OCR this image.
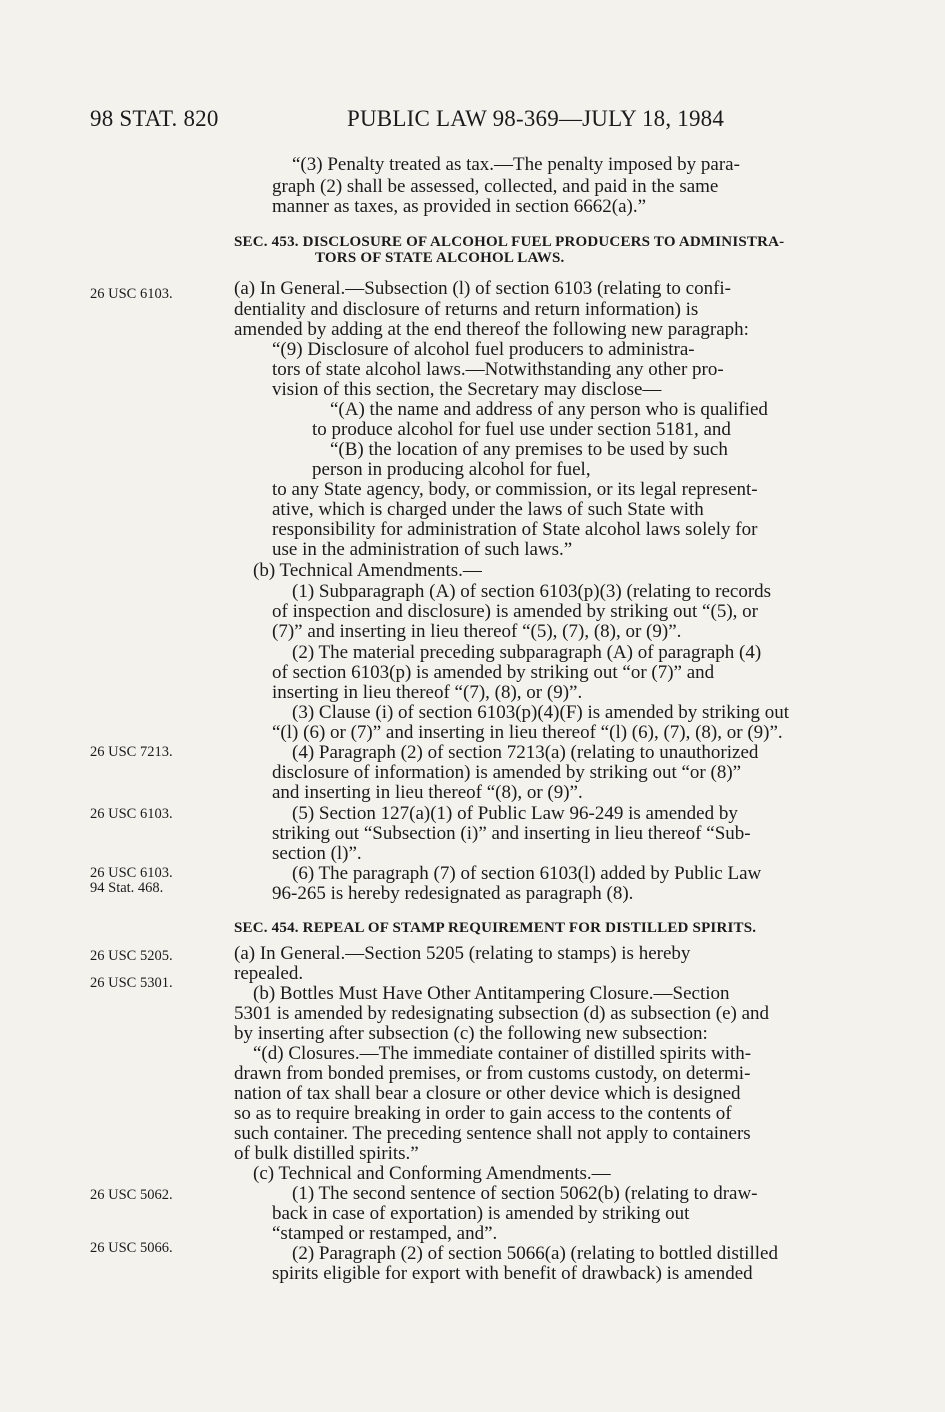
98 STAT. 820	PUBLIC LAW 98-369—JULY 18, 1984
26 USC 6103.
26 USC 7213.
26 USC 6103.
26 USC 6103.
94 Stat. 468.
26 USC 5205.
26 USC 5301.
26 USC 5062.
26 USC 5066.
“(3) Penalty treated as tax.—The penalty imposed by para-
graph (2) shall be assessed, collected, and paid in the same
manner as taxes, as provided in section 6662(a).”
SEC. 453. DISCLOSURE OF ALCOHOL FUEL PRODUCERS TO ADMINISTRA-
TORS OF STATE ALCOHOL LAWS.
(a) In General.—Subsection (l) of section 6103 (relating to confi-
dentiality and disclosure of returns and return information) is
amended by adding at the end thereof the following new paragraph:
“(9) Disclosure of alcohol fuel producers to administra-
tors of state alcohol laws.—Notwithstanding any other pro-
vision of this section, the Secretary may disclose—
“(A) the name and address of any person who is qualified
to produce alcohol for fuel use under section 5181, and
“(B) the location of any premises to be used by such
person in producing alcohol for fuel,
to any State agency, body, or commission, or its legal represent-
ative, which is charged under the laws of such State with
responsibility for administration of State alcohol laws solely for
use in the administration of such laws.”
(b) Technical Amendments.—
(1) Subparagraph (A) of section 6103(p)(3) (relating to records
of inspection and disclosure) is amended by striking out “(5), or
(7)” and inserting in lieu thereof “(5), (7), (8), or (9)”.
(2) The material preceding subparagraph (A) of paragraph (4)
of section 6103(p) is amended by striking out “or (7)” and
inserting in lieu thereof “(7), (8), or (9)”.
(3) Clause (i) of section 6103(p)(4)(F) is amended by striking out
“(l) (6) or (7)” and inserting in lieu thereof “(l) (6), (7), (8), or (9)”.
(4) Paragraph (2) of section 7213(a) (relating to unauthorized
disclosure of information) is amended by striking out “or (8)”
and inserting in lieu thereof “(8), or (9)”.
(5) Section 127(a)(1) of Public Law 96-249 is amended by
striking out “Subsection (i)” and inserting in lieu thereof “Sub-
section (l)”.
(6) The paragraph (7) of section 6103(l) added by Public Law
96-265 is hereby redesignated as paragraph (8).
SEC. 454. REPEAL OF STAMP REQUIREMENT FOR DISTILLED SPIRITS.
(a) In General.—Section 5205 (relating to stamps) is hereby
repealed.
(b) Bottles Must Have Other Antitampering Closure.—Section
5301 is amended by redesignating subsection (d) as subsection (e) and
by inserting after subsection (c) the following new subsection:
“(d) Closures.—The immediate container of distilled spirits with-
drawn from bonded premises, or from customs custody, on determi-
nation of tax shall bear a closure or other device which is designed
so as to require breaking in order to gain access to the contents of
such container. The preceding sentence shall not apply to containers
of bulk distilled spirits.”
(c) Technical and Conforming Amendments.—
(1) The second sentence of section 5062(b) (relating to draw-
back in case of exportation) is amended by striking out
“stamped or restamped, and”.
(2) Paragraph (2) of section 5066(a) (relating to bottled distilled
spirits eligible for export with benefit of drawback) is amended
